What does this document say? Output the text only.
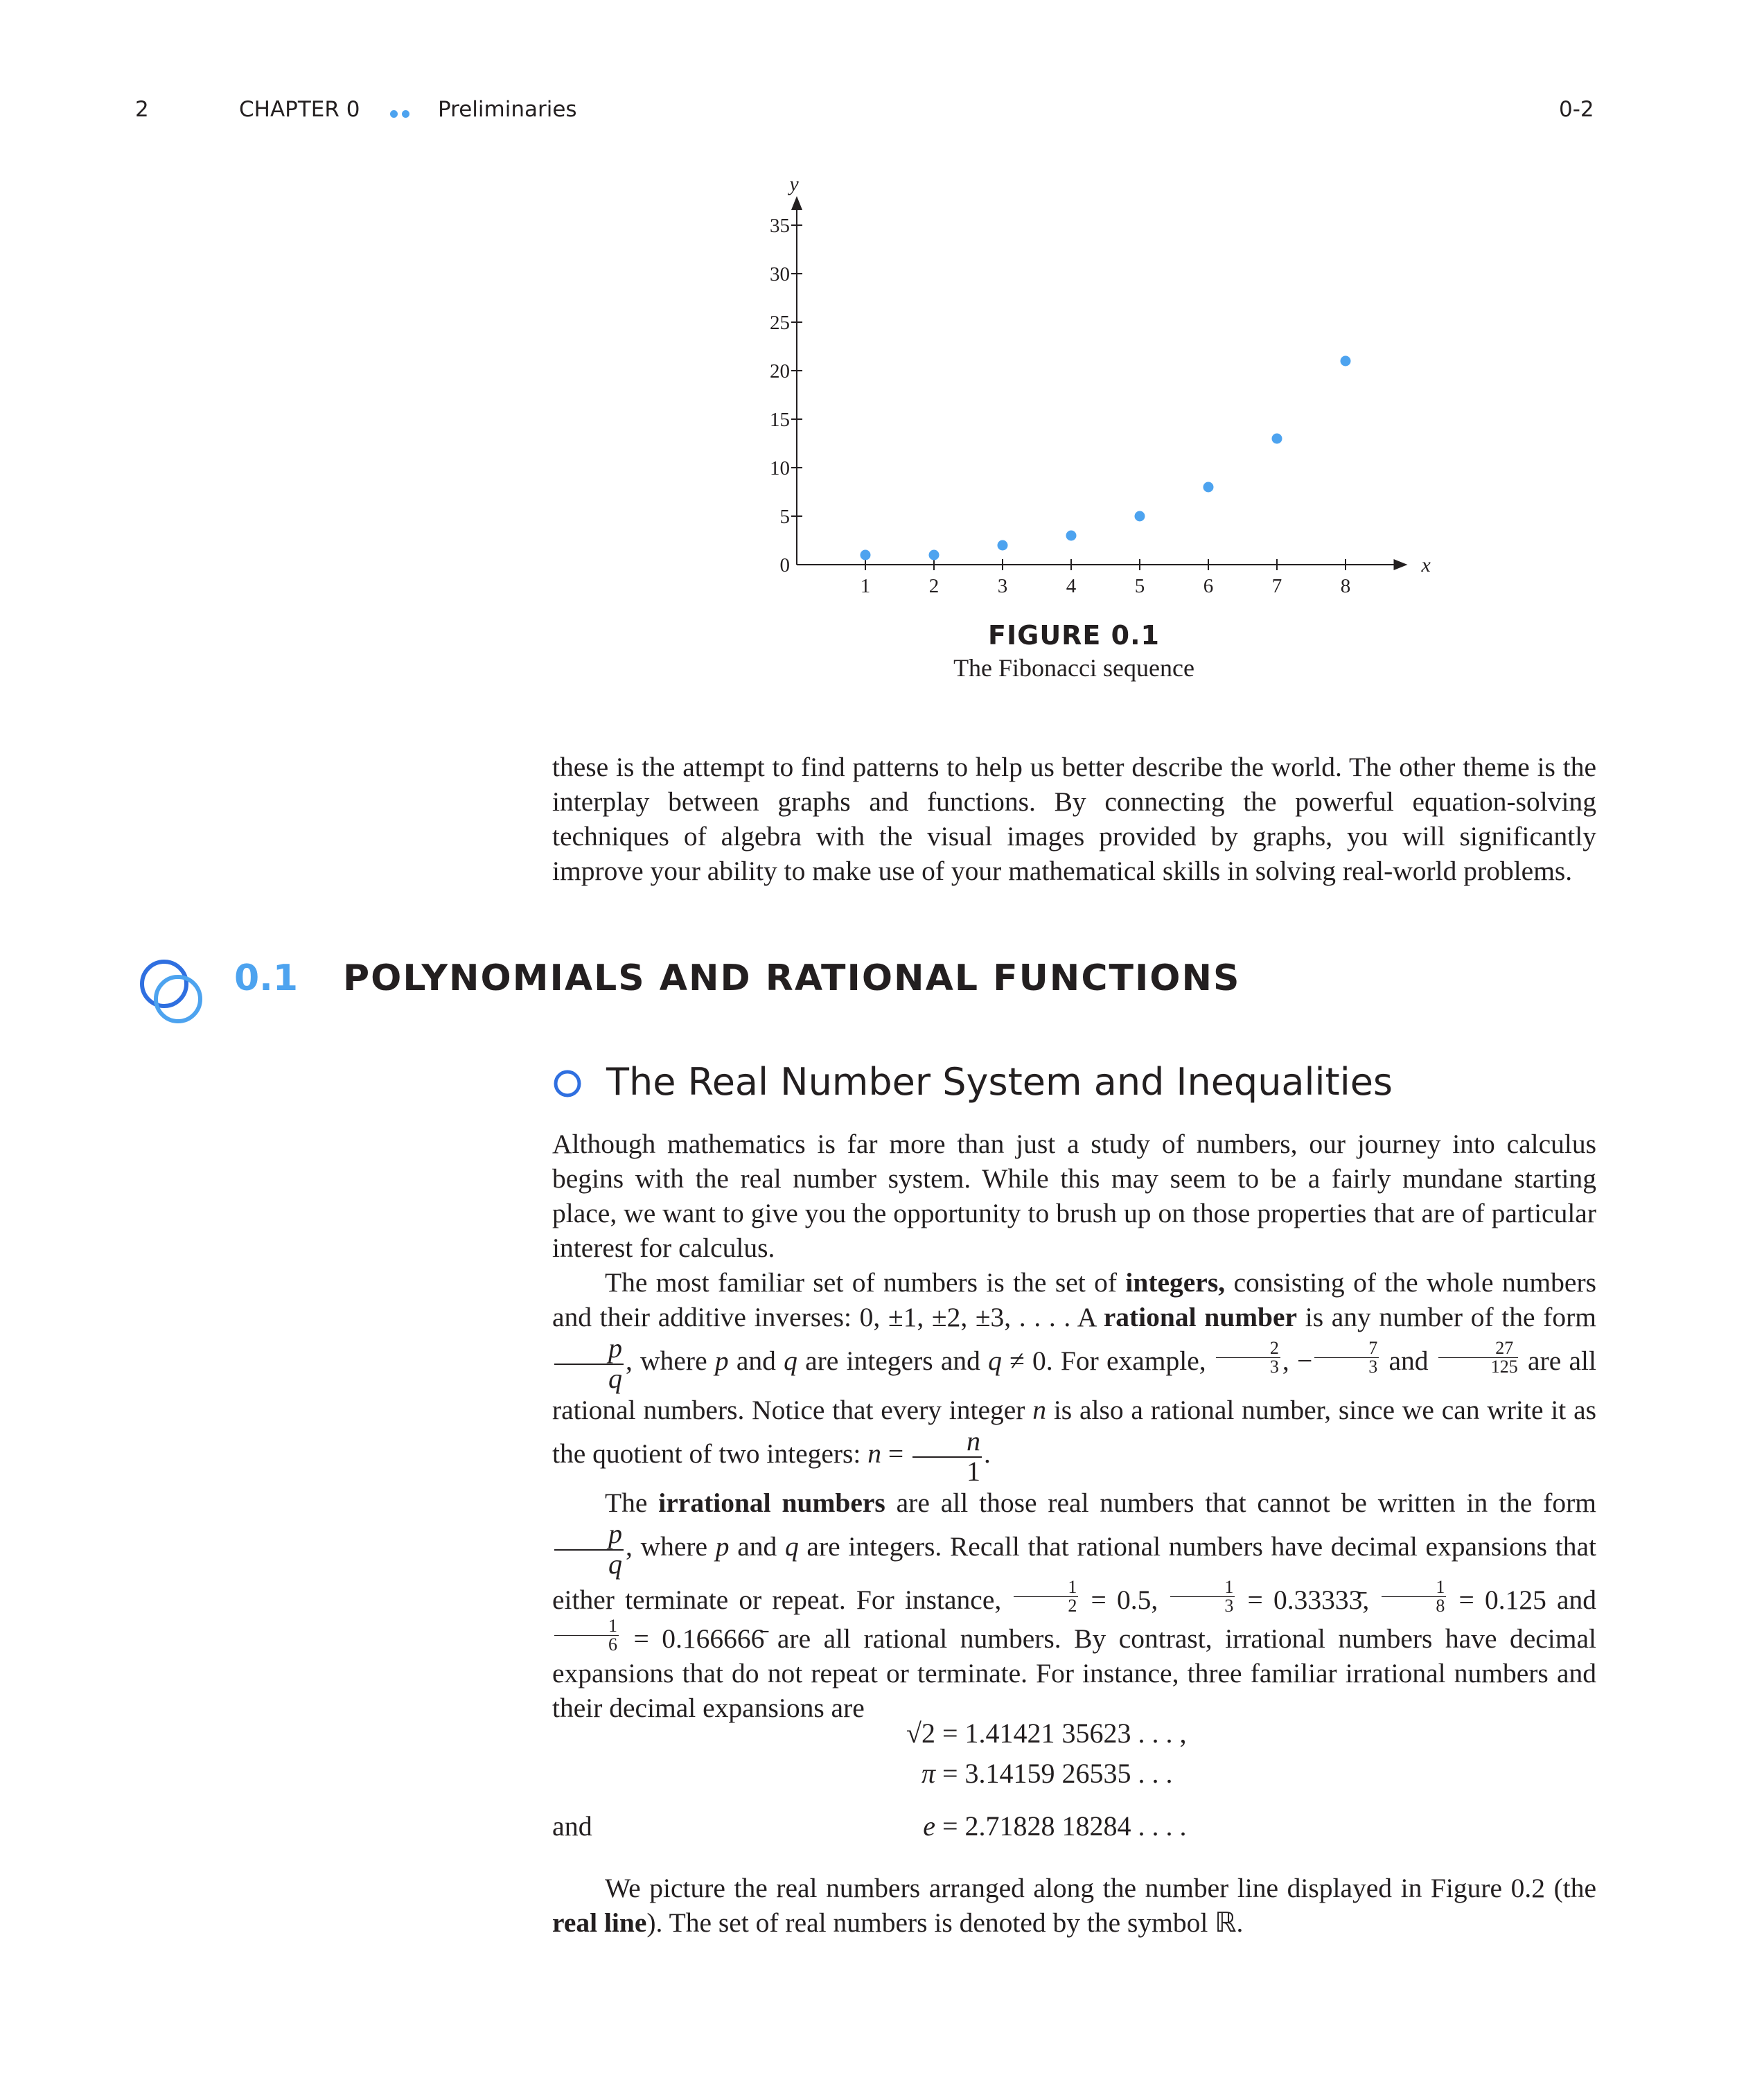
2	CHAPTER 0	Preliminaries	0-2
y
x
0
5
10
15
20
25
30
35
1	2	3	4	5	6	7	8
FIGURE 0.1
The Fibonacci sequence

these is the attempt to find patterns to help us better describe the world. The other theme is the interplay between graphs and functions. By connecting the powerful equation-solving techniques of algebra with the visual images provided by graphs, you will significantly improve your ability to make use of your mathematical skills in solving real-world problems.

0.1 POLYNOMIALS AND RATIONAL FUNCTIONS
The Real Number System and Inequalities

Although mathematics is far more than just a study of numbers, our journey into calculus begins with the real number system. While this may seem to be a fairly mundane starting place, we want to give you the opportunity to brush up on those properties that are of particular interest for calculus.

The most familiar set of numbers is the set of integers, consisting of the whole numbers and their additive inverses: 0, ±1, ±2, ±3, . . . . A rational number is any number of the form
$\frac{p}{q}$ , where p and q are integers and q ≠ 0. For example, $\frac{2}{3}$ , − $\frac{7}{3}$ and $\frac{27}{125}$ are all rational numbers. Notice that every integer n is also a rational number, since we can write it as the quotient of two integers: $n = \frac{n}{1}$ .

The irrational numbers are all those real numbers that cannot be written in the form
$\frac{p}{q}$ , where p and q are integers. Recall that rational numbers have decimal expansions that either terminate or repeat. For instance, $\frac{1}{2} = 0.5$, $\frac{1}{3}$ = 0.33333̄, $\frac{1}{8} = 0.125$ and
$\frac{1}{6}$ = 0.166666̄ are all rational numbers. By contrast, irrational numbers have decimal expansions that do not repeat or terminate. For instance, three familiar irrational numbers and their decimal expansions are

√2 = 1.41421 35623 . . . ,
π = 3.14159 26535 . . .
and	e = 2.71828 18284 . . . .

We picture the real numbers arranged along the number line displayed in Figure 0.2 (the real line). The set of real numbers is denoted by the symbol ℝ.
